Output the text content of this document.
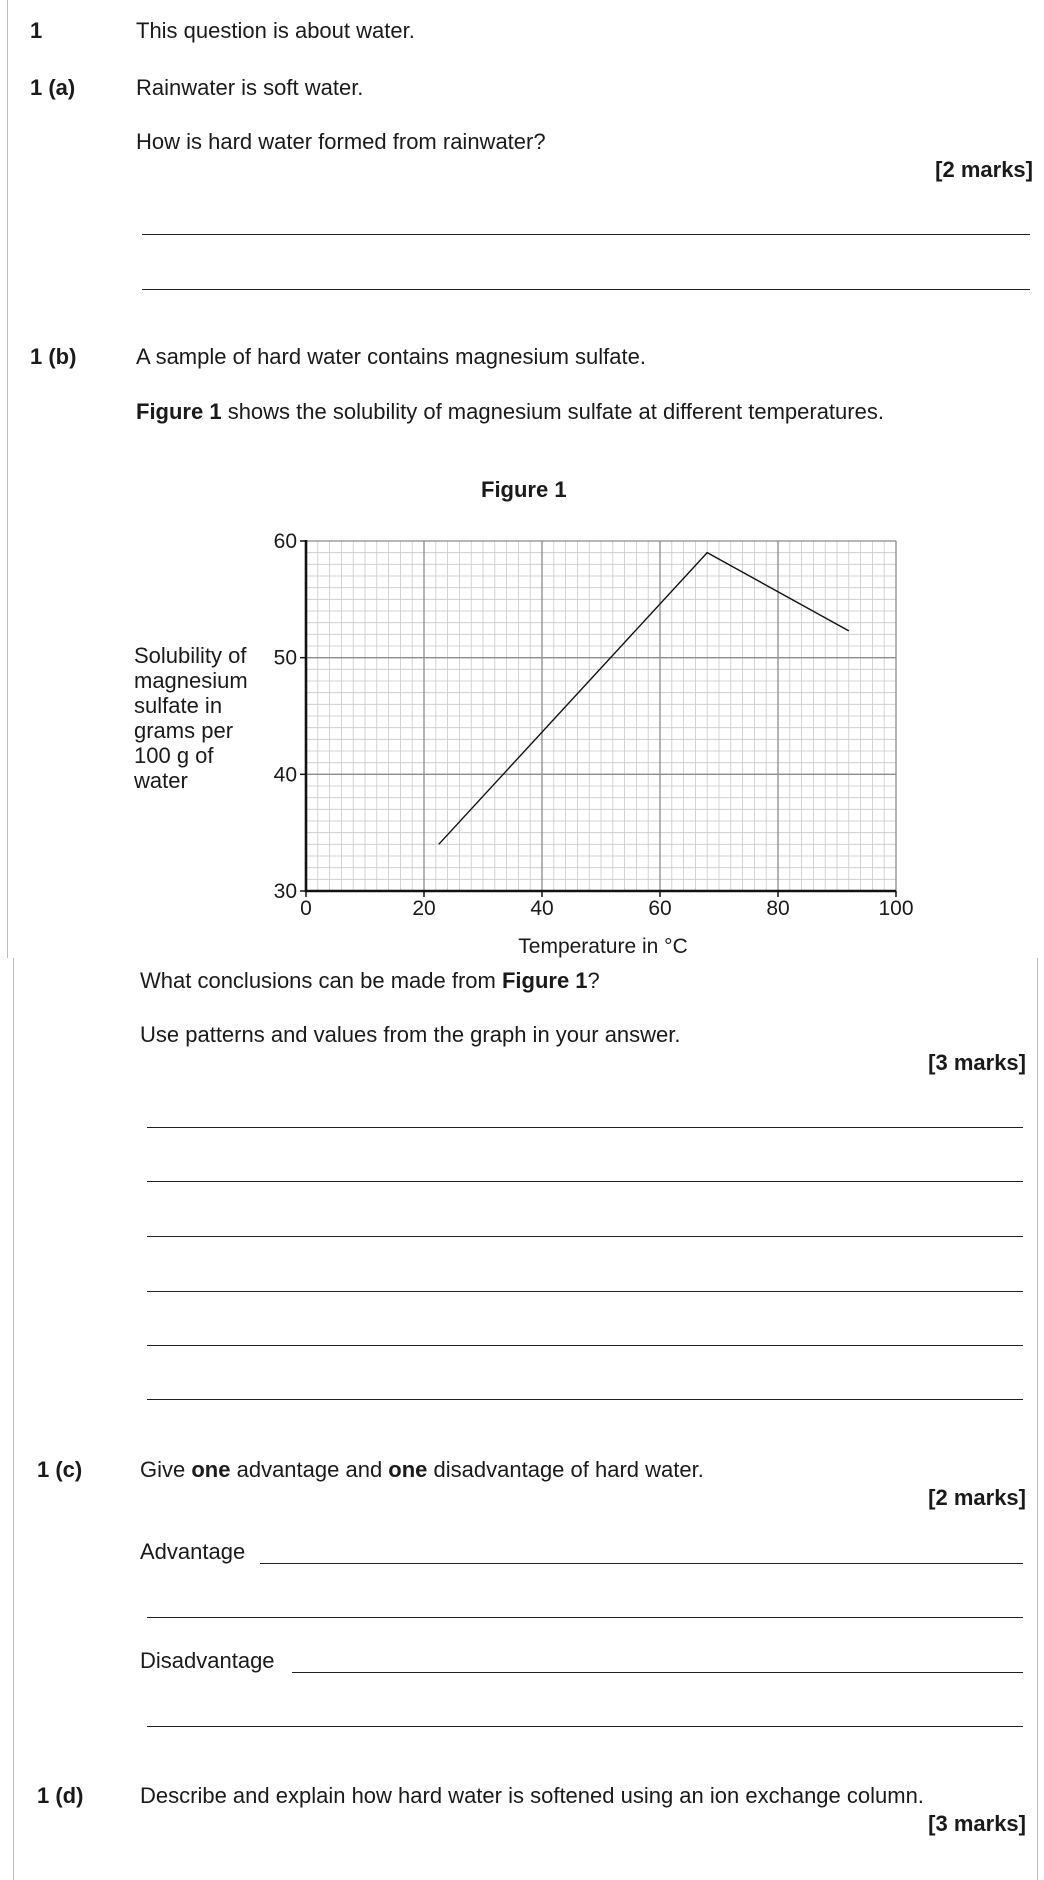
1	This question is about water.
1 (a)	Rainwater is soft water.
How is hard water formed from rainwater?
[2 marks]
1 (b)	A sample of hard water contains magnesium sulfate.
Figure 1 shows the solubility of magnesium sulfate at different temperatures.
Figure 1
Solubility of
magnesium
sulfate in
grams per
100 g of
water
0	20	40	60	80	100
30
40
50
60
Temperature in °C
What conclusions can be made from Figure 1?
Use patterns and values from the graph in your answer.
[3 marks]
1 (c)	Give one advantage and one disadvantage of hard water.
[2 marks]
Advantage
Disadvantage
1 (d)	Describe and explain how hard water is softened using an ion exchange column.
[3 marks]
